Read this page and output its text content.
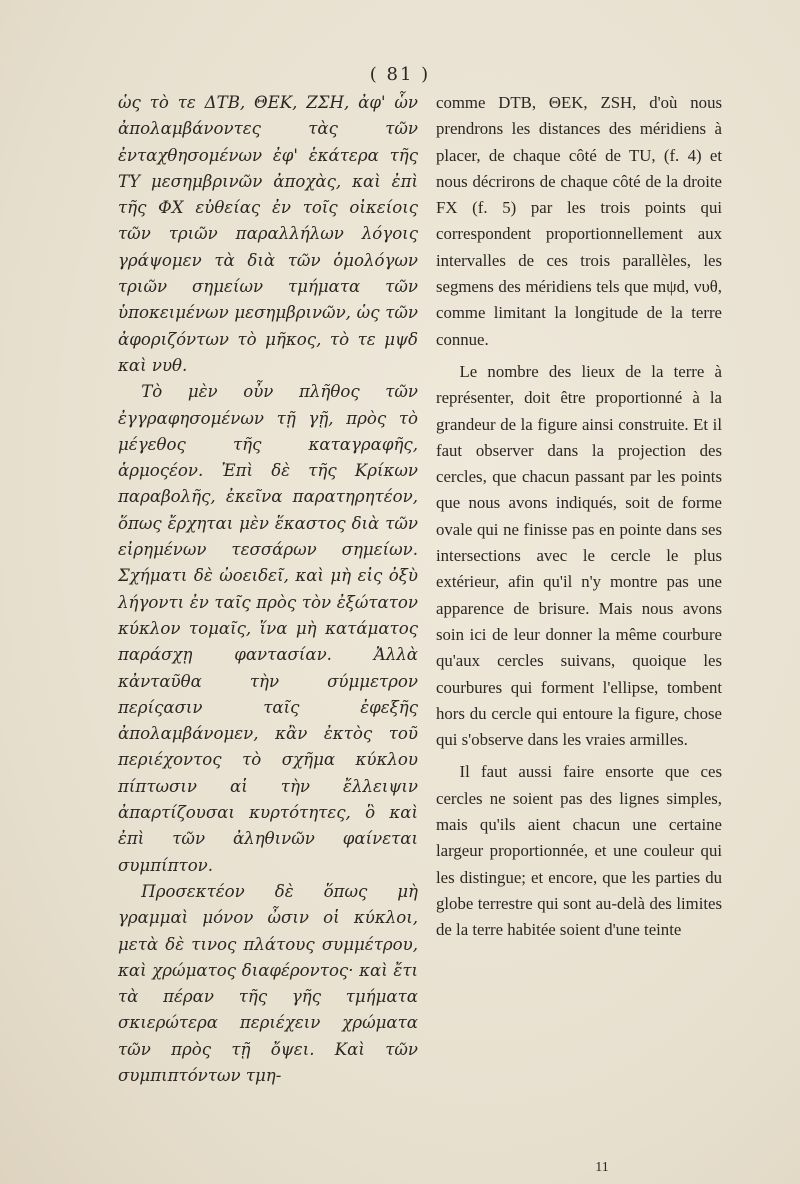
( 81 )

ὡς τὸ τε ΔΤΒ, ΘΕΚ, ΖΣΗ, ἀφ' ὧν ἀπολαμβάνοντες τὰς τῶν ἐνταχθησομένων ἐφ' ἑκάτερα τῆς ΤΥ μεσημβρινῶν ἀποχὰς, καὶ ἐπὶ τῆς ΦΧ εὐθείας ἐν τοῖς οἰκείοις τῶν τριῶν παραλλήλων λόγοις γράψομεν τὰ διὰ τῶν ὁμολόγων τριῶν σημείων τμήματα τῶν ὑποκειμένων μεσημβρινῶν, ὡς τῶν ἀφοριζόντων τὸ μῆκος, τὸ τε μψδ καὶ νυθ.

Τὸ μὲν οὖν πλῆθος τῶν ἐγγραφησομένων τῇ γῇ, πρὸς τὸ μέγεθος τῆς καταγραφῆς, ἁρμοςέον. Ἐπὶ δὲ τῆς Κρίκων παραβολῆς, ἐκεῖνα παρατηρητέον, ὅπως ἔρχηται μὲν ἕκαστος διὰ τῶν εἰρημένων τεσσάρων σημείων. Σχήματι δὲ ὠοειδεῖ, καὶ μὴ εἰς ὀξὺ λήγοντι ἐν ταῖς πρὸς τὸν ἐξώτατον κύκλον τομαῖς, ἵνα μὴ κατάματος παράσχῃ φαντασίαν. Ἀλλὰ κἀνταῦθα τὴν σύμμετρον περίςασιν ταῖς ἐφεξῆς ἀπολαμβάνομεν, κἂν ἐκτὸς τοῦ περιέχοντος τὸ σχῆμα κύκλου πίπτωσιν αἱ τὴν ἔλλειψιν ἀπαρτίζουσαι κυρτότητες, ὃ καὶ ἐπὶ τῶν ἀληθινῶν φαίνεται συμπίπτον.

Προσεκτέον δὲ ὅπως μὴ γραμμαὶ μόνον ὦσιν οἱ κύκλοι, μετὰ δὲ τινος πλάτους συμμέτρου, καὶ χρώματος διαφέροντος· καὶ ἔτι τὰ πέραν τῆς γῆς τμήματα σκιερώτερα περιέχειν χρώματα τῶν πρὸς τῇ ὄψει. Καὶ τῶν συμπιπτόντων τμη-

comme DTB, ΘEK, ZSH, d'où nous prendrons les distances des méridiens à placer, de chaque côté de TU, (f. 4) et nous décrirons de chaque côté de la droite FX (f. 5) par les trois points qui correspondent proportionnellement aux intervalles de ces trois parallèles, les segmens des méridiens tels que mψd, νυθ, comme limitant la longitude de la terre connue.

Le nombre des lieux de la terre à représenter, doit être proportionné à la grandeur de la figure ainsi construite. Et il faut observer dans la projection des cercles, que chacun passant par les points que nous avons indiqués, soit de forme ovale qui ne finisse pas en pointe dans ses intersections avec le cercle le plus extérieur, afin qu'il n'y montre pas une apparence de brisure. Mais nous avons soin ici de leur donner la même courbure qu'aux cercles suivans, quoique les courbures qui forment l'ellipse, tombent hors du cercle qui entoure la figure, chose qui s'observe dans les vraies armilles.

Il faut aussi faire ensorte que ces cercles ne soient pas des lignes simples, mais qu'ils aient chacun une certaine largeur proportionnée, et une couleur qui les distingue; et encore, que les parties du globe terrestre qui sont au-delà des limites de la terre habitée soient d'une teinte

11
